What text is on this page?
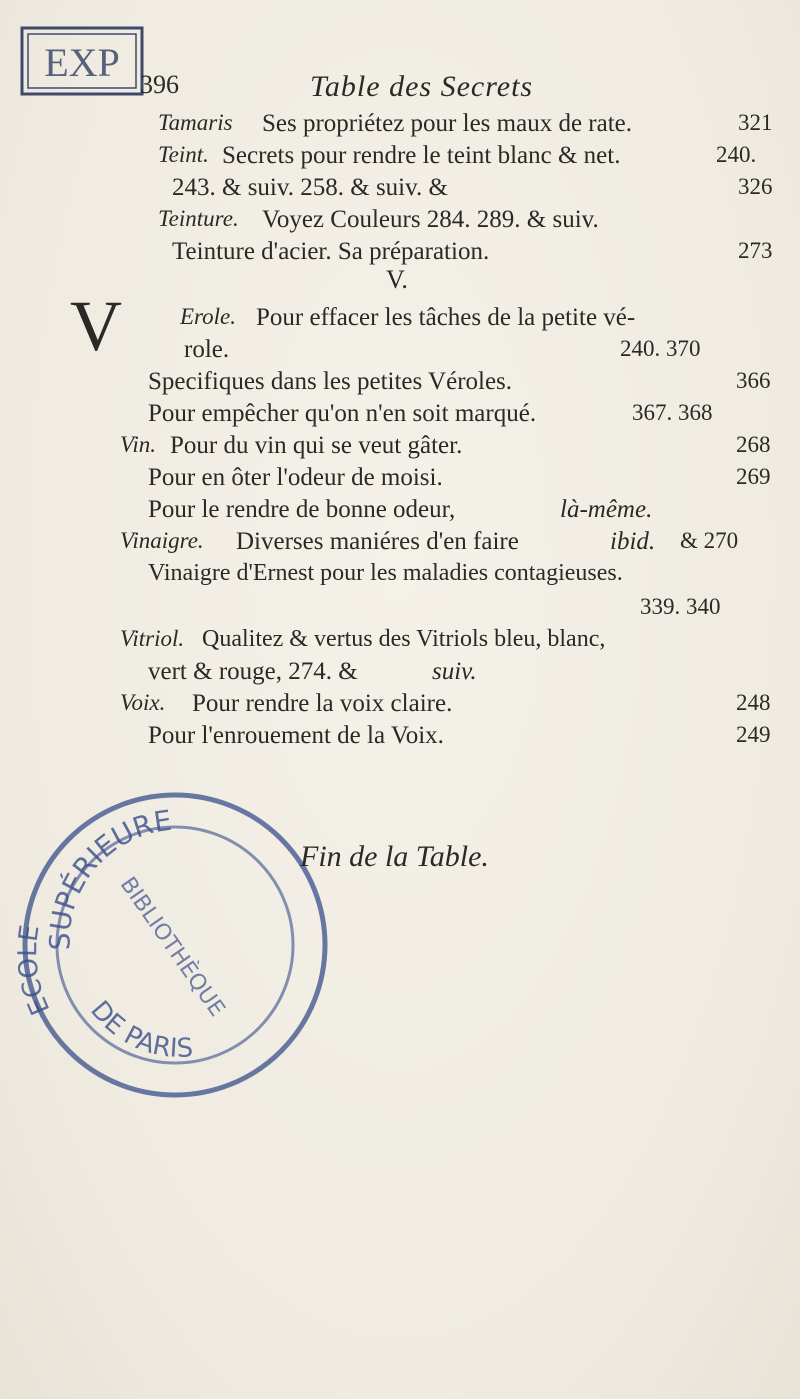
EXP 396	Table des Secrets
Tamaris Ses propriétez pour les maux de rate.	321
Teint. Secrets pour rendre le teint blanc & net.	240.
243. & suiv. 258. & suiv. &	326
Teinture. Voyez Couleurs 284. 289. & suiv.
Teinture d'acier. Sa préparation.	273
V.
V	Erole. Pour effacer les tâches de la petite vé-
role.	240. 370
Specifiques dans les petites Véroles.	366
Pour empêcher qu'on n'en soit marqué.	367. 368
Vin. Pour du vin qui se veut gâter.	268
Pour en ôter l'odeur de moisi.	269
Pour le rendre de bonne odeur,	là-même.
Vinaigre. Diverses maniéres d'en faire	ibid. & 270
Vinaigre d'Ernest pour les maladies contagieuses.
339. 340
Vitriol. Qualitez & vertus des Vitriols bleu, blanc,
vert & rouge, 274. &	suiv.
Voix. Pour rendre la voix claire.	248
Pour l'enrouement de la Voix.	249
SUPÉRIEURE
ECOLE
DE PARIS
BIBLIOTHÈQUE
Fin de la Table.
